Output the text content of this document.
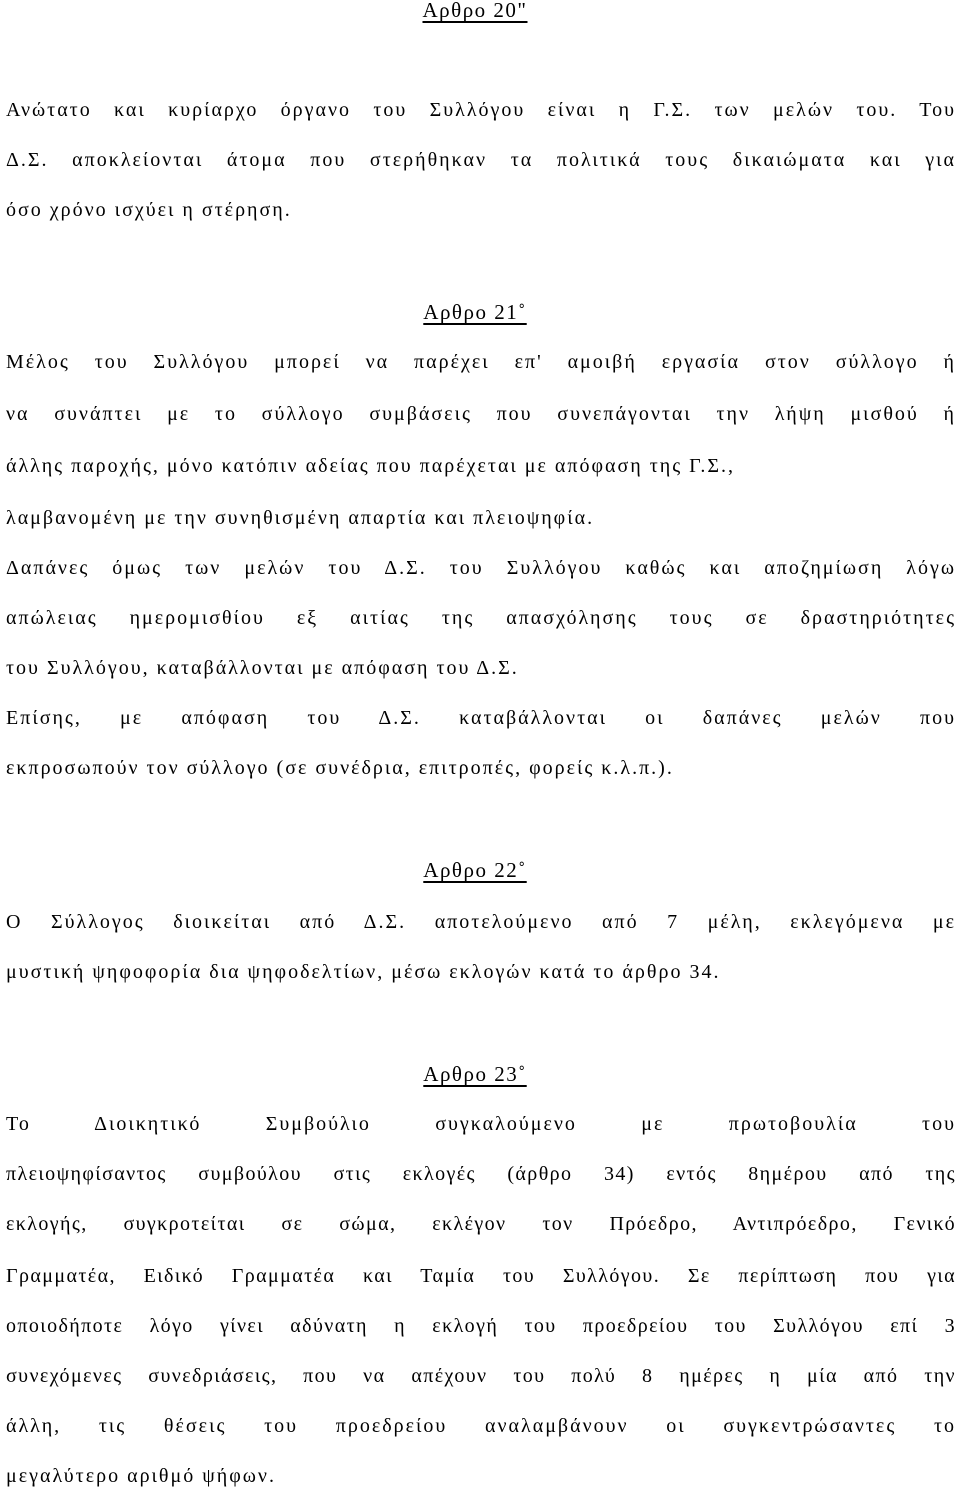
Αρθρο 20"
Ανώτατο και κυρίαρχο όργανο του Συλλόγου είναι η Γ.Σ. των μελών του. Του
Δ.Σ. αποκλείονται άτομα που στερήθηκαν τα πολιτικά τους δικαιώματα και για
όσο χρόνο ισχύει η στέρηση.
Αρθρο 21˚
Μέλος του Συλλόγου μπορεί να παρέχει επ' αμοιβή εργασία στον σύλλογο ή
να συνάπτει με το σύλλογο συμβάσεις που συνεπάγονται την λήψη μισθού ή
άλλης παροχής, μόνο κατόπιν αδείας που παρέχεται με απόφαση της Γ.Σ.,
λαμβανομένη με την συνηθισμένη απαρτία και πλειοψηφία.
Δαπάνες όμως των μελών του Δ.Σ. του Συλλόγου καθώς και αποζημίωση λόγω
απώλειας ημερομισθίου εξ αιτίας της απασχόλησης τους σε δραστηριότητες
του Συλλόγου, καταβάλλονται με απόφαση του Δ.Σ.
Επίσης, με απόφαση του Δ.Σ. καταβάλλονται οι δαπάνες μελών που
εκπροσωπούν τον σύλλογο (σε συνέδρια, επιτροπές, φορείς κ.λ.π.).
Αρθρο 22˚
Ο Σύλλογος διοικείται από Δ.Σ. αποτελούμενο από 7 μέλη, εκλεγόμενα με
μυστική ψηφοφορία δια ψηφοδελτίων, μέσω εκλογών κατά το άρθρο 34.
Αρθρο 23˚
Το Διοικητικό Συμβούλιο συγκαλούμενο με πρωτοβουλία του
πλειοψηφίσαντος συμβούλου στις εκλογές (άρθρο 34) εντός 8ημέρου από της
εκλογής, συγκροτείται σε σώμα, εκλέγον τον Πρόεδρο, Αντιπρόεδρο, Γενικό
Γραμματέα, Ειδικό Γραμματέα και Ταμία του Συλλόγου. Σε περίπτωση που για
οποιοδήποτε λόγο γίνει αδύνατη η εκλογή του προεδρείου του Συλλόγου επί 3
συνεχόμενες συνεδριάσεις, που να απέχουν του πολύ 8 ημέρες η μία από την
άλλη, τις θέσεις του προεδρείου αναλαμβάνουν οι συγκεντρώσαντες το
μεγαλύτερο αριθμό ψήφων.
